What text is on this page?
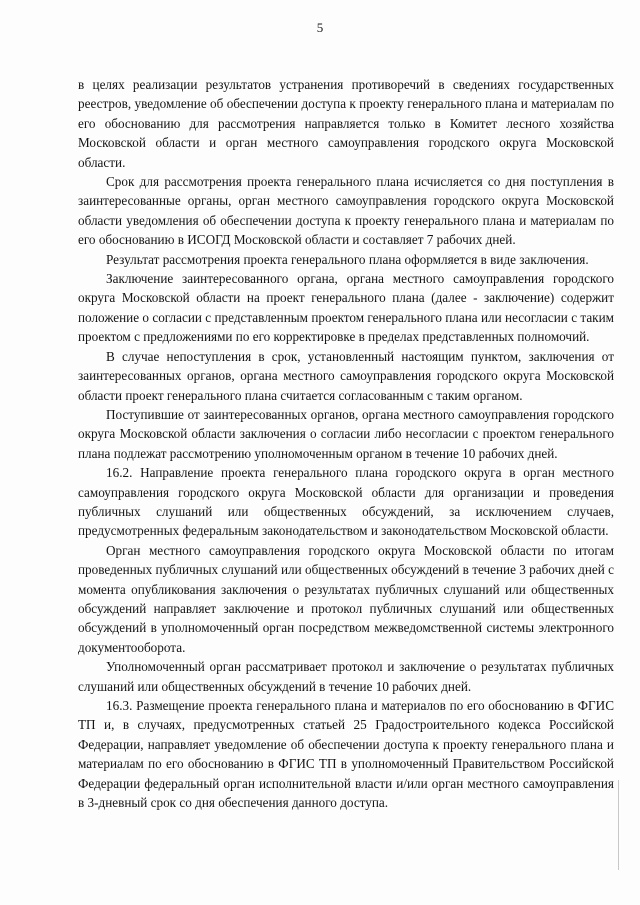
5

в целях реализации результатов устранения противоречий в сведениях государственных реестров, уведомление об обеспечении доступа к проекту генерального плана и материалам по его обоснованию для рассмотрения направляется только в Комитет лесного хозяйства Московской области и орган местного самоуправления городского округа Московской области.

Срок для рассмотрения проекта генерального плана исчисляется со дня поступления в заинтересованные органы, орган местного самоуправления городского округа Московской области уведомления об обеспечении доступа к проекту генерального плана и материалам по его обоснованию в ИСОГД Московской области и составляет 7 рабочих дней.

Результат рассмотрения проекта генерального плана оформляется в виде заключения.

Заключение заинтересованного органа, органа местного самоуправления городского округа Московской области на проект генерального плана (далее - заключение) содержит положение о согласии с представленным проектом генерального плана или несогласии с таким проектом с предложениями по его корректировке в пределах представленных полномочий.

В случае непоступления в срок, установленный настоящим пунктом, заключения от заинтересованных органов, органа местного самоуправления городского округа Московской области проект генерального плана считается согласованным с таким органом.

Поступившие от заинтересованных органов, органа местного самоуправления городского округа Московской области заключения о согласии либо несогласии с проектом генерального плана подлежат рассмотрению уполномоченным органом в течение 10 рабочих дней.

16.2. Направление проекта генерального плана городского округа в орган местного самоуправления городского округа Московской области для организации и проведения публичных слушаний или общественных обсуждений, за исключением случаев, предусмотренных федеральным законодательством и законодательством Московской области.

Орган местного самоуправления городского округа Московской области по итогам проведенных публичных слушаний или общественных обсуждений в течение 3 рабочих дней с момента опубликования заключения о результатах публичных слушаний или общественных обсуждений направляет заключение и протокол публичных слушаний или общественных обсуждений в уполномоченный орган посредством межведомственной системы электронного документооборота.

Уполномоченный орган рассматривает протокол и заключение о результатах публичных слушаний или общественных обсуждений в течение 10 рабочих дней.

16.3. Размещение проекта генерального плана и материалов по его обоснованию в ФГИС ТП и, в случаях, предусмотренных статьей 25 Градостроительного кодекса Российской Федерации, направляет уведомление об обеспечении доступа к проекту генерального плана и материалам по его обоснованию в ФГИС ТП в уполномоченный Правительством Российской Федерации федеральный орган исполнительной власти и/или орган местного самоуправления в 3-дневный срок со дня обеспечения данного доступа.
